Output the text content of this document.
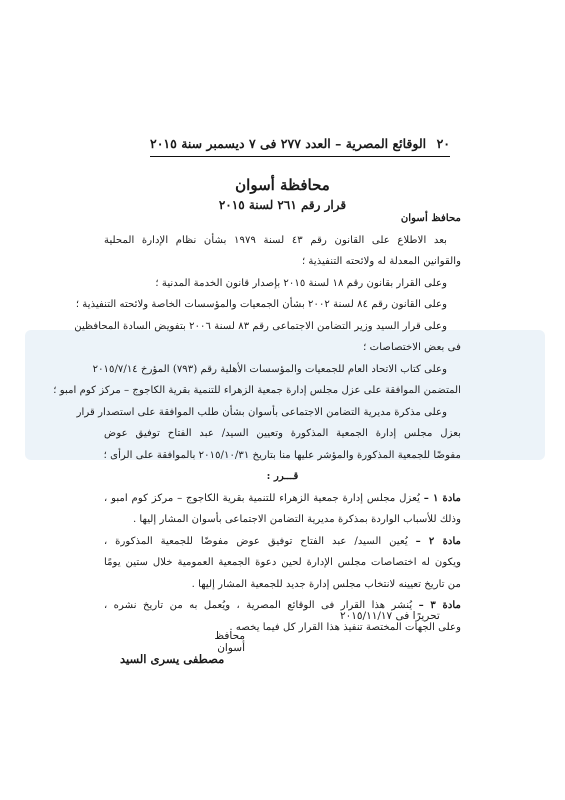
٢٠
الوقائع المصرية – العدد ٢٧٧ فى ٧ ديسمبر سنة ٢٠١٥
محافظة أسوان
قرار رقم ٢٦١ لسنة ٢٠١٥
محافظ أسوان
بعد الاطلاع على القانون رقم ٤٣ لسنة ١٩٧٩ بشأن نظام الإدارة المحلية
والقوانين المعدلة له ولائحته التنفيذية ؛
وعلى القرار بقانون رقم ١٨ لسنة ٢٠١٥ بإصدار قانون الخدمة المدنية ؛
وعلى القانون رقم ٨٤ لسنة ٢٠٠٢ بشأن الجمعيات والمؤسسات الخاصة ولائحته التنفيذية ؛
وعلى قرار السيد وزير التضامن الاجتماعى رقم ٨٣ لسنة ٢٠٠٦ بتفويض السادة المحافظين
فى بعض الاختصاصات ؛
وعلى كتاب الاتحاد العام للجمعيات والمؤسسات الأهلية رقم (٧٩٣) المؤرخ ٢٠١٥/٧/١٤
المتضمن الموافقة على عزل مجلس إدارة جمعية الزهراء للتنمية بقرية الكاجوج – مركز كوم امبو ؛
وعلى مذكرة مديرية التضامن الاجتماعى بأسوان بشأن طلب الموافقة على استصدار قرار
بعزل مجلس إدارة الجمعية المذكورة وتعيين السيد/ عبد الفتاح توفيق عوض
مفوضًا للجمعية المذكورة والمؤشر عليها منا بتاريخ ٢٠١٥/١٠/٣١ بالموافقة على الرأى ؛
قـــرر :
مادة ١ – يُعزل مجلس إدارة جمعية الزهراء للتنمية بقرية الكاجوج – مركز كوم امبو ،
وذلك للأسباب الواردة بمذكرة مديرية التضامن الاجتماعى بأسوان المشار إليها .
مادة ٢ – يُعين السيد/ عبد الفتاح توفيق عوض مفوضًا للجمعية المذكورة ،
ويكون له اختصاصات مجلس الإدارة لحين دعوة الجمعية العمومية خلال ستين يومًا
من تاريخ تعيينه لانتخاب مجلس إدارة جديد للجمعية المشار إليها .
مادة ٣ – يُنشر هذا القرار فى الوقائع المصرية ، ويُعمل به من تاريخ نشره ،
وعلى الجهات المختصة تنفيذ هذا القرار كل فيما يخصه .
تحريرًا فى ٢٠١٥/١١/١٧
محافظ أسوان
مصطفى يسرى السيد
